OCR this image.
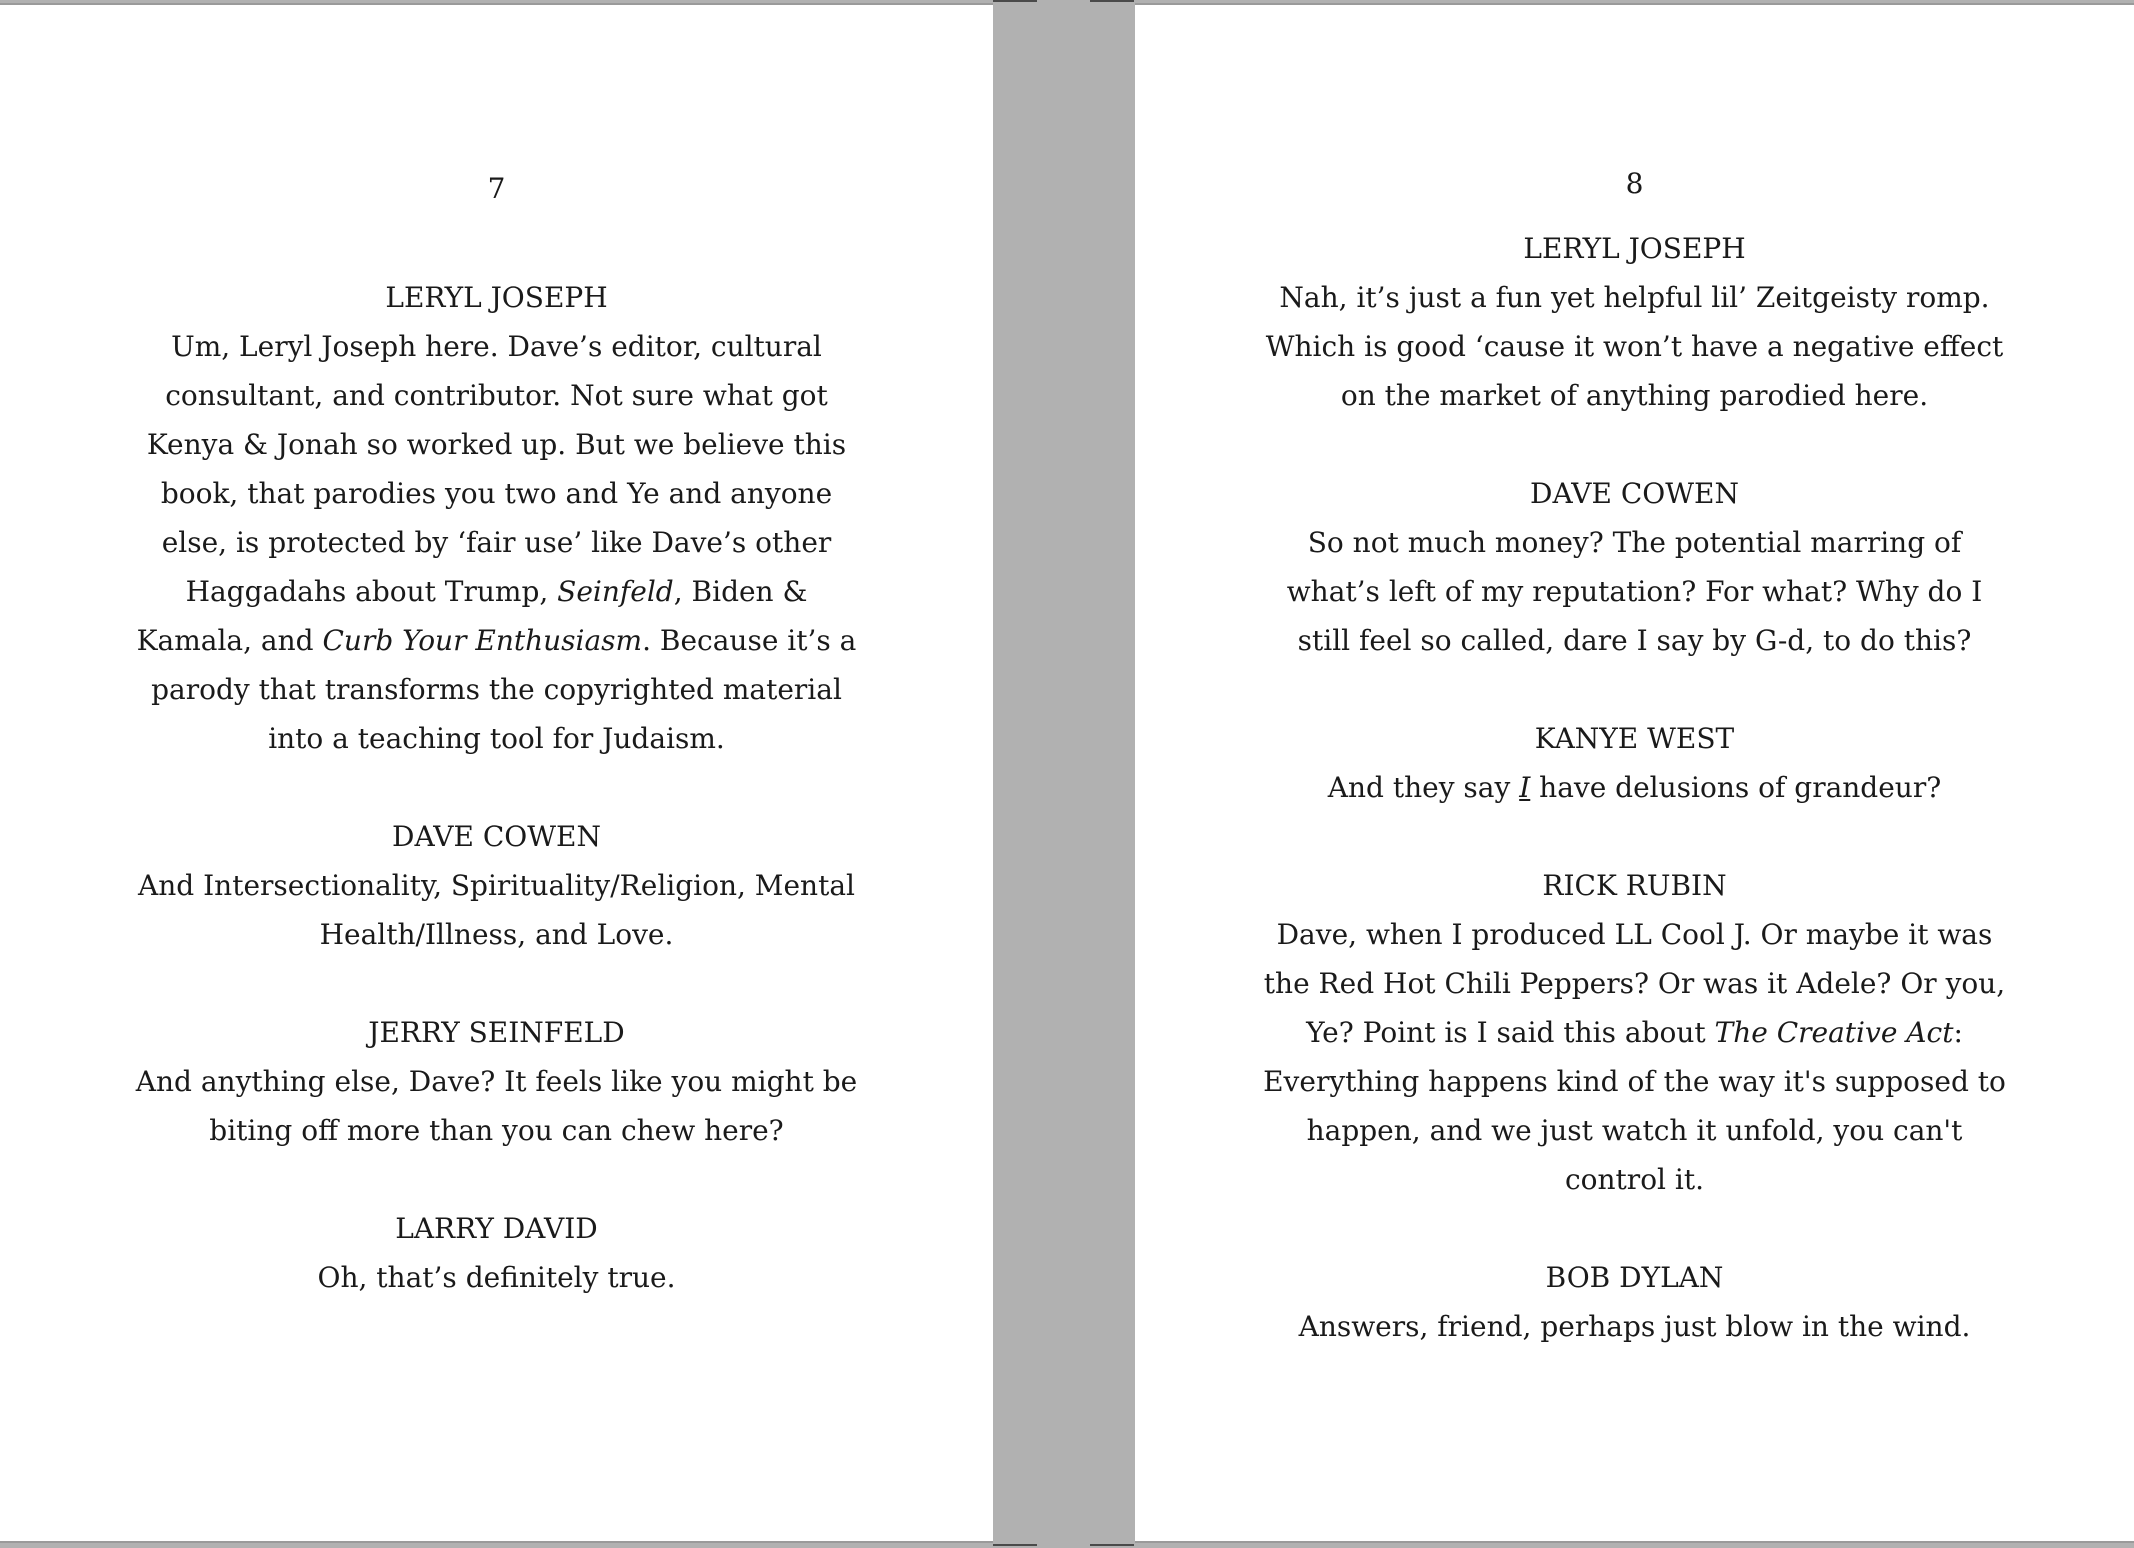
7
LERYL JOSEPH
Um, Leryl Joseph here. Dave’s editor, cultural
consultant, and contributor. Not sure what got
Kenya & Jonah so worked up. But we believe this
book, that parodies you two and Ye and anyone
else, is protected by ‘fair use’ like Dave’s other
Haggadahs about Trump, Seinfeld, Biden &
Kamala, and Curb Your Enthusiasm. Because it’s a
parody that transforms the copyrighted material
into a teaching tool for Judaism.
DAVE COWEN
And Intersectionality, Spirituality/Religion, Mental
Health/Illness, and Love.
JERRY SEINFELD
And anything else, Dave? It feels like you might be
biting off more than you can chew here?
LARRY DAVID
Oh, that’s definitely true.
8
LERYL JOSEPH
Nah, it’s just a fun yet helpful lil’ Zeitgeisty romp.
Which is good ‘cause it won’t have a negative effect
on the market of anything parodied here.
DAVE COWEN
So not much money? The potential marring of
what’s left of my reputation? For what? Why do I
still feel so called, dare I say by G-d, to do this?
KANYE WEST
And they say I have delusions of grandeur?
RICK RUBIN
Dave, when I produced LL Cool J. Or maybe it was
the Red Hot Chili Peppers? Or was it Adele? Or you,
Ye? Point is I said this about The Creative Act:
Everything happens kind of the way it's supposed to
happen, and we just watch it unfold, you can't
control it.
BOB DYLAN
Answers, friend, perhaps just blow in the wind.
